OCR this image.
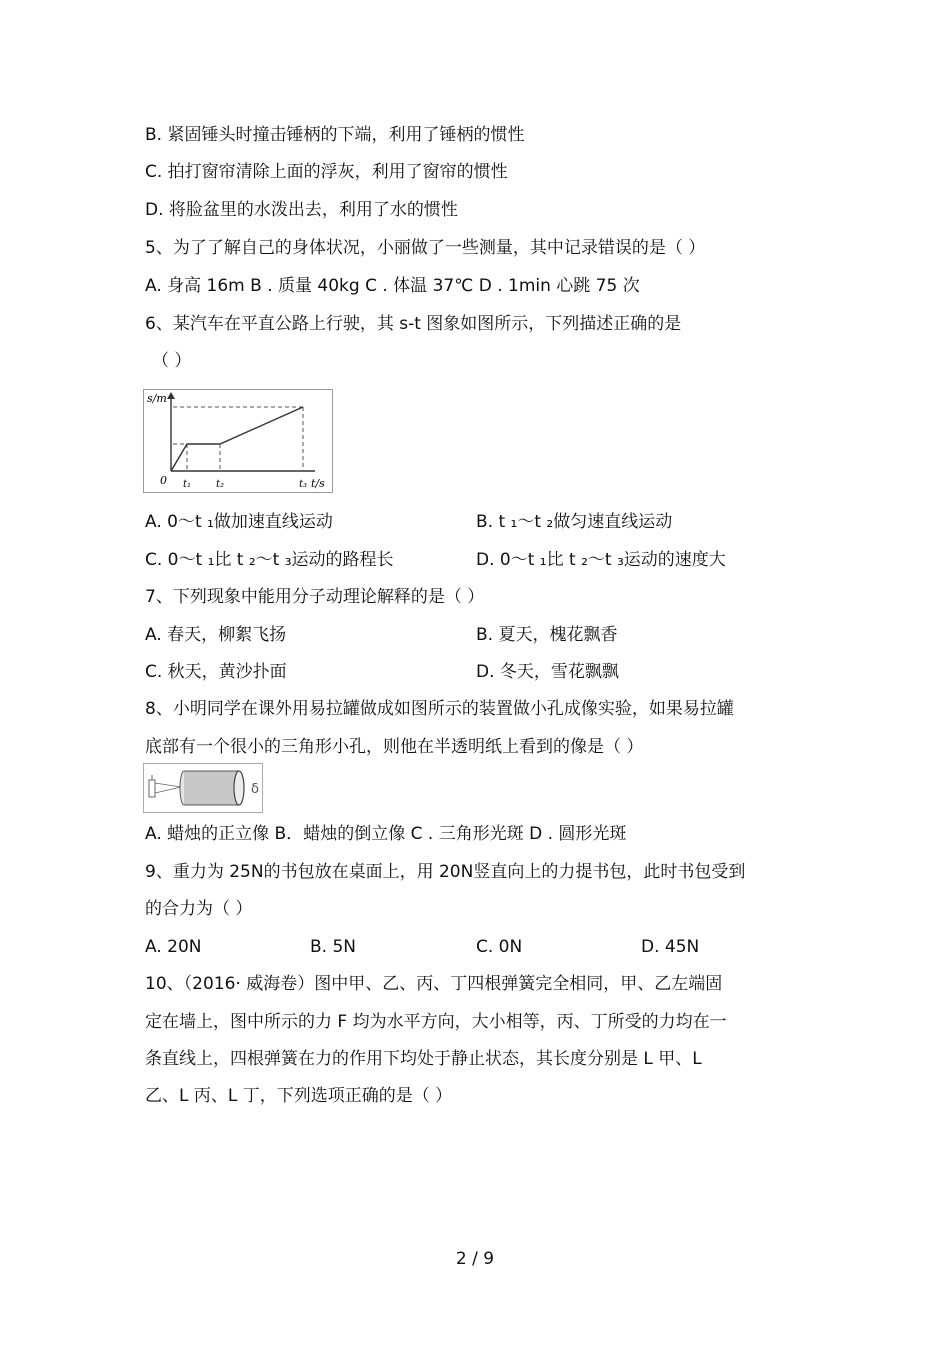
B. 紧固锤头时撞击锤柄的下端，利用了锤柄的惯性
C. 拍打窗帘清除上面的浮灰，利用了窗帘的惯性
D. 将脸盆里的水泼出去，利用了水的惯性
5、为了了解自己的身体状况，小丽做了一些测量，其中记录错误的是（ ）
A. 身高 16m B . 质量 40kg C . 体温 37℃ D . 1min 心跳 75 次
6、某汽车在平直公路上行驶，其 s-t 图象如图所示，下列描述正确的是
（ ）
s/m
t/s
0 t₁ t₂	t₃
A. 0～t ₁做加速直线运动	B. t ₁～t ₂做匀速直线运动
C. 0～t ₁比 t ₂～t ₃运动的路程长	D. 0～t ₁比 t ₂～t ₃运动的速度大
7、下列现象中能用分子动理论解释的是（ ）
A. 春天，柳絮飞扬	B. 夏天，槐花飘香
C. 秋天，黄沙扑面	D. 冬天，雪花飘飘
8、小明同学在课外用易拉罐做成如图所示的装置做小孔成像实验，如果易拉罐
底部有一个很小的三角形小孔，则他在半透明纸上看到的像是（ ）
δ
A. 蜡烛的正立像 B．蜡烛的倒立像 C . 三角形光斑 D . 圆形光斑
9、重力为 25N的书包放在桌面上，用 20N竖直向上的力提书包，此时书包受到
的合力为（ ）
A. 20N	B. 5N	C. 0N	D. 45N
10、（2016· 威海卷）图中甲、乙、丙、丁四根弹簧完全相同，甲、乙左端固
定在墙上，图中所示的力 F 均为水平方向，大小相等，丙、丁所受的力均在一
条直线上，四根弹簧在力的作用下均处于静止状态，其长度分别是 L 甲、L
乙、L 丙、L 丁，下列选项正确的是（ ）
2 / 9
